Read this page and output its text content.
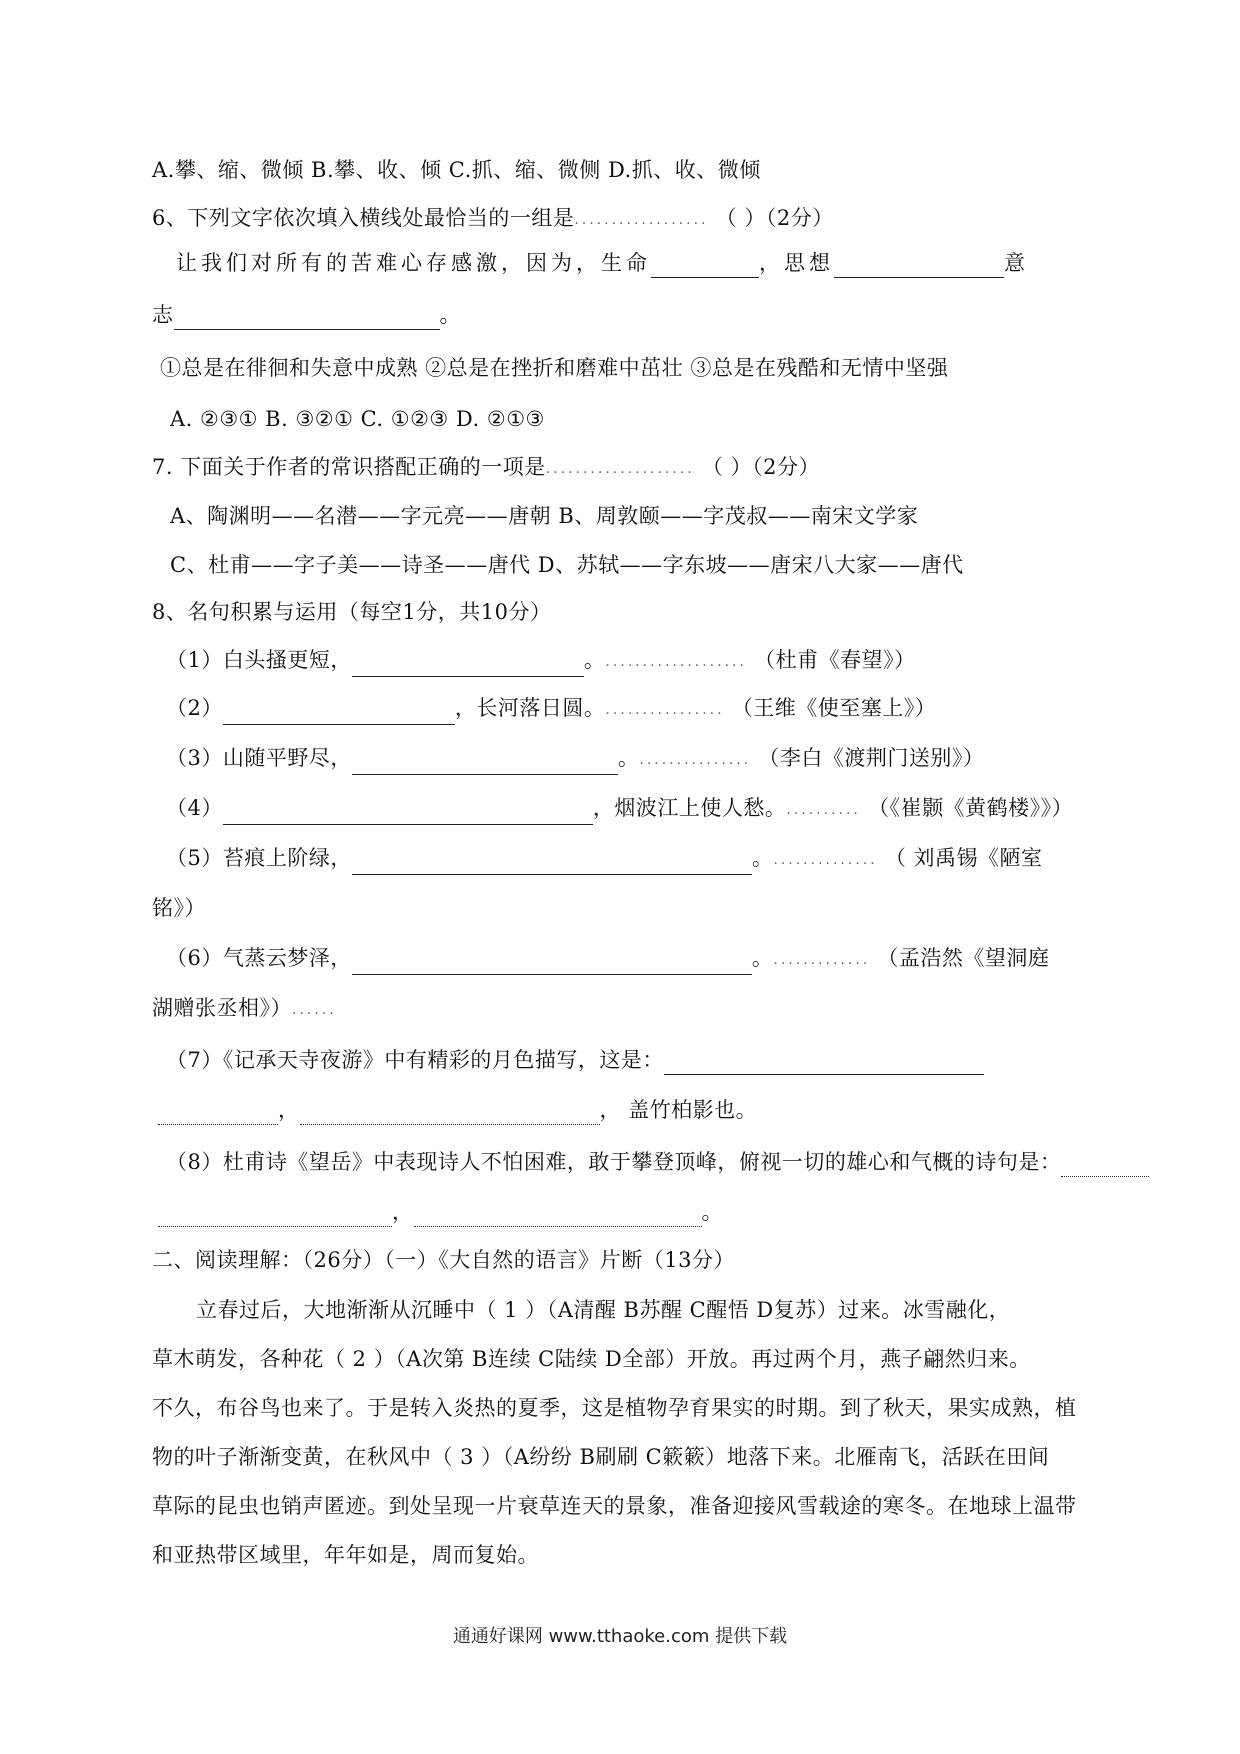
A.攀、缩、微倾 B.攀、收、倾 C.抓、缩、微侧 D.抓、收、微倾
6、下列文字依次填入横线处最恰当的一组是.................. （ ）（2分）
让我们对所有的苦难心存感激，因为，生命	，思想	意
志	。
①总是在徘徊和失意中成熟 ②总是在挫折和磨难中茁壮 ③总是在残酷和无情中坚强
A. ②③① B. ③②① C. ①②③ D. ②①③
7. 下面关于作者的常识搭配正确的一项是.................... （ ）（2分）
A、陶渊明——名潜——字元亮——唐朝 B、周敦颐——字茂叔——南宋文学家
C、杜甫——字子美——诗圣——唐代 D、苏轼——字东坡——唐宋八大家——唐代
8、名句积累与运用（每空1分，共10分）
（1）白头搔更短，	。................... （杜甫《春望》）
（2）	，长河落日圆。................ （王维《使至塞上》）
（3）山随平野尽，	。............... （李白《渡荆门送别》）
（4）	，烟波江上使人愁。.......... （《崔颢《黄鹤楼》》）
（5）苔痕上阶绿，	。.............. （ 刘禹锡《陋室
铭》）
（6）气蒸云梦泽，	。............. （孟浩然《望洞庭
湖赠张丞相》）......
（7）《记承天寺夜游》中有精彩的月色描写，这是：
，	， 盖竹柏影也。
（8）杜甫诗《望岳》中表现诗人不怕困难，敢于攀登顶峰，俯视一切的雄心和气概的诗句是：
，	。
二、阅读理解：（26分）（一）《大自然的语言》片断（13分）
立春过后，大地渐渐从沉睡中（ 1 ）（A清醒 B苏醒 C醒悟 D复苏）过来。冰雪融化，
草木萌发，各种花（ 2 ）（A次第 B连续 C陆续 D全部）开放。再过两个月，燕子翩然归来。
不久，布谷鸟也来了。于是转入炎热的夏季，这是植物孕育果实的时期。到了秋天，果实成熟，植
物的叶子渐渐变黄，在秋风中（ 3 ）（A纷纷 B刷刷 C簌簌）地落下来。北雁南飞，活跃在田间
草际的昆虫也销声匿迹。到处呈现一片衰草连天的景象，准备迎接风雪载途的寒冬。在地球上温带
和亚热带区域里，年年如是，周而复始。
通通好课网 www.tthaoke.com 提供下载
